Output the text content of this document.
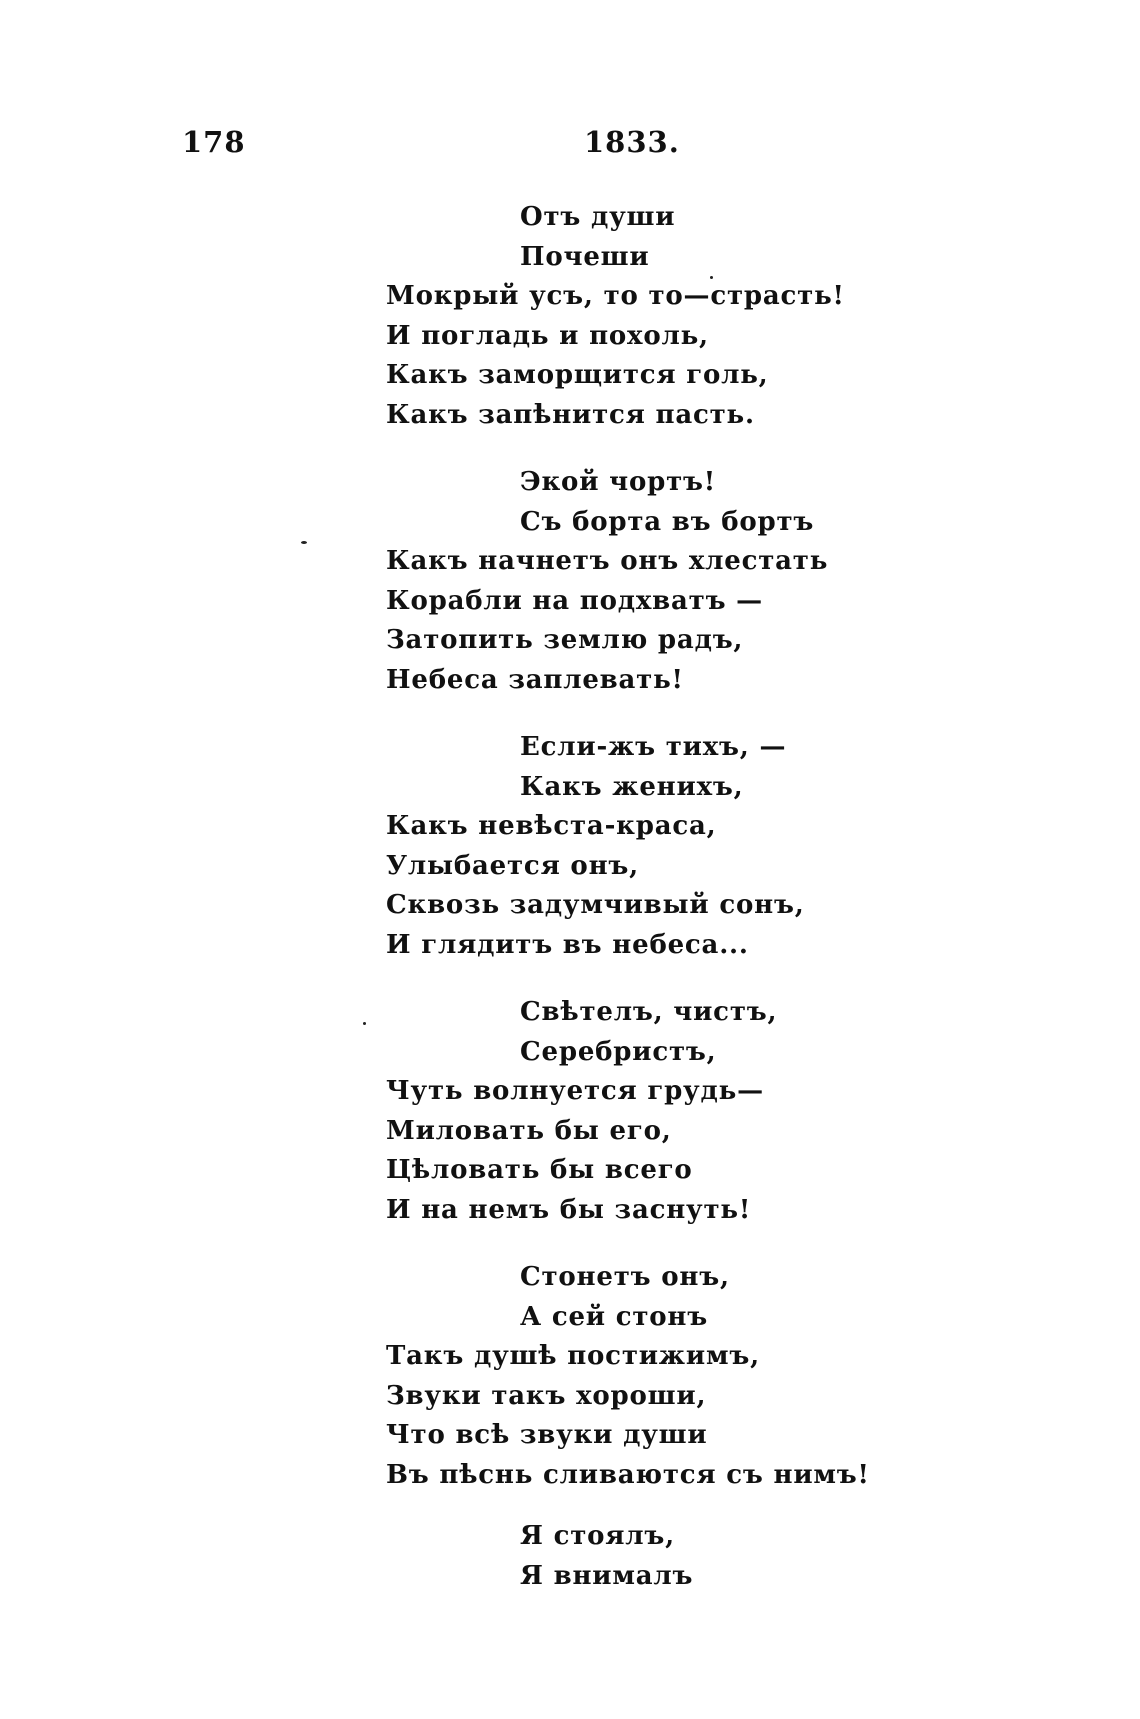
178	1833.
Отъ души
Почеши
Мокрый усъ, то то—страсть!
И погладь и похоль,
Какъ заморщится голь,
Какъ запѣнится пасть.
Экой чортъ!
Съ борта въ бортъ
Какъ начнетъ онъ хлестать
Корабли на подхватъ —
Затопить землю радъ,
Небеса заплевать!
Если-жъ тихъ, —
Какъ женихъ,
Какъ невѣста-краса,
Улыбается онъ,
Сквозь задумчивый сонъ,
И глядитъ въ небеса...
Свѣтелъ, чистъ,
Серебристъ,
Чуть волнуется грудь—
Миловать бы его,
Цѣловать бы всего
И на немъ бы заснуть!
Стонетъ онъ,
А сей стонъ
Такъ душѣ постижимъ,
Звуки такъ хороши,
Что всѣ звуки души
Въ пѣснь сливаются съ нимъ!
Я стоялъ,
Я внималъ
